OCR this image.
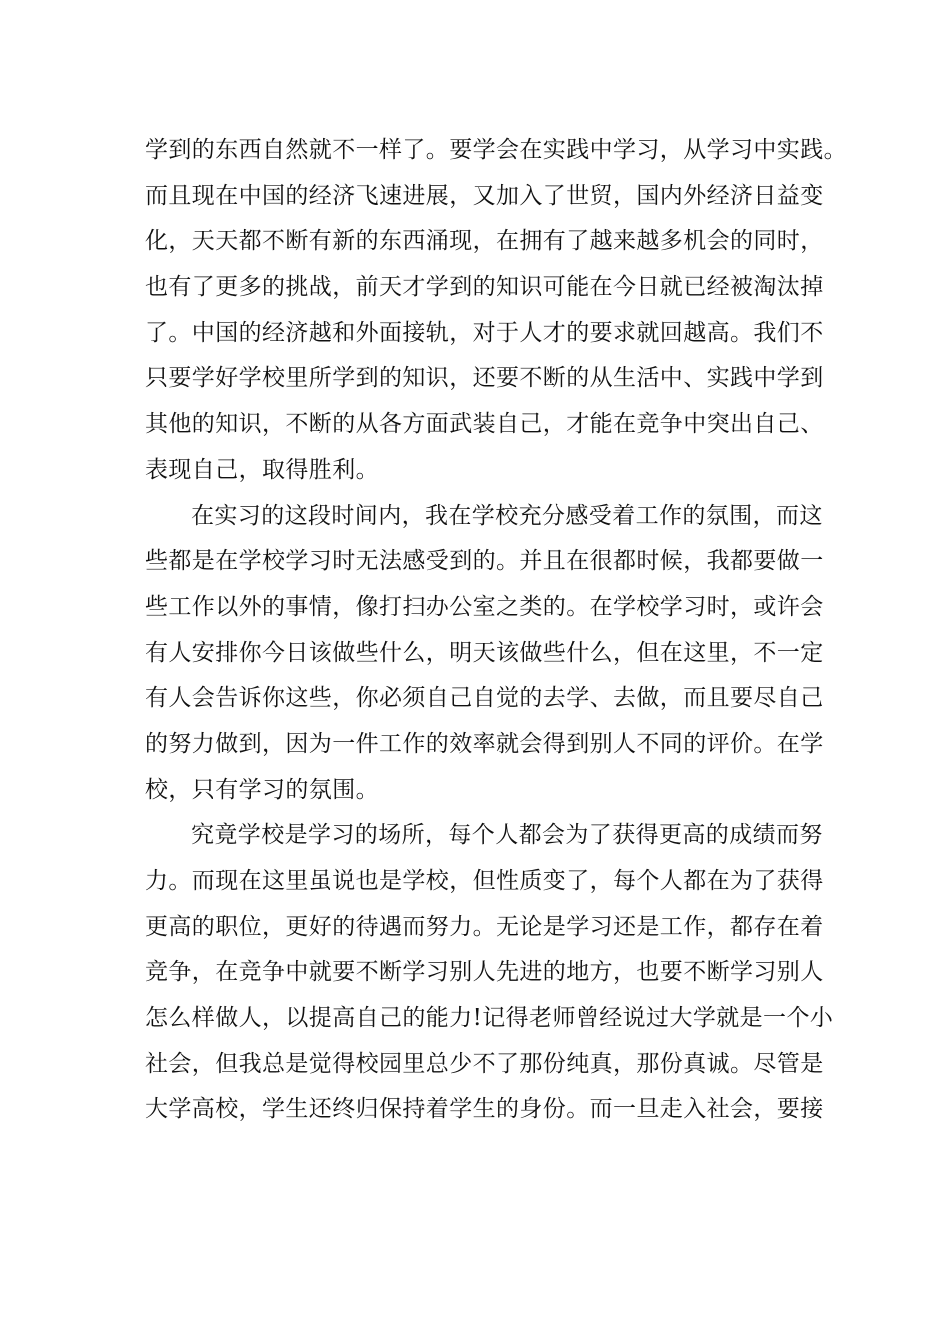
学到的东西自然就不一样了。要学会在实践中学习，从学习中实践。
而且现在中国的经济飞速进展，又加入了世贸，国内外经济日益变
化，天天都不断有新的东西涌现，在拥有了越来越多机会的同时，
也有了更多的挑战，前天才学到的知识可能在今日就已经被淘汰掉
了。中国的经济越和外面接轨，对于人才的要求就回越高。我们不
只要学好学校里所学到的知识，还要不断的从生活中、实践中学到
其他的知识，不断的从各方面武装自己，才能在竞争中突出自己、
表现自己，取得胜利。
在实习的这段时间内，我在学校充分感受着工作的氛围，而这
些都是在学校学习时无法感受到的。并且在很都时候，我都要做一
些工作以外的事情，像打扫办公室之类的。在学校学习时，或许会
有人安排你今日该做些什么，明天该做些什么，但在这里，不一定
有人会告诉你这些，你必须自己自觉的去学、去做，而且要尽自己
的努力做到，因为一件工作的效率就会得到别人不同的评价。在学
校，只有学习的氛围。
究竟学校是学习的场所，每个人都会为了获得更高的成绩而努
力。而现在这里虽说也是学校，但性质变了，每个人都在为了获得
更高的职位，更好的待遇而努力。无论是学习还是工作，都存在着
竞争，在竞争中就要不断学习别人先进的地方，也要不断学习别人
怎么样做人，以提高自己的能力!记得老师曾经说过大学就是一个小
社会，但我总是觉得校园里总少不了那份纯真，那份真诚。尽管是
大学高校，学生还终归保持着学生的身份。而一旦走入社会，要接
